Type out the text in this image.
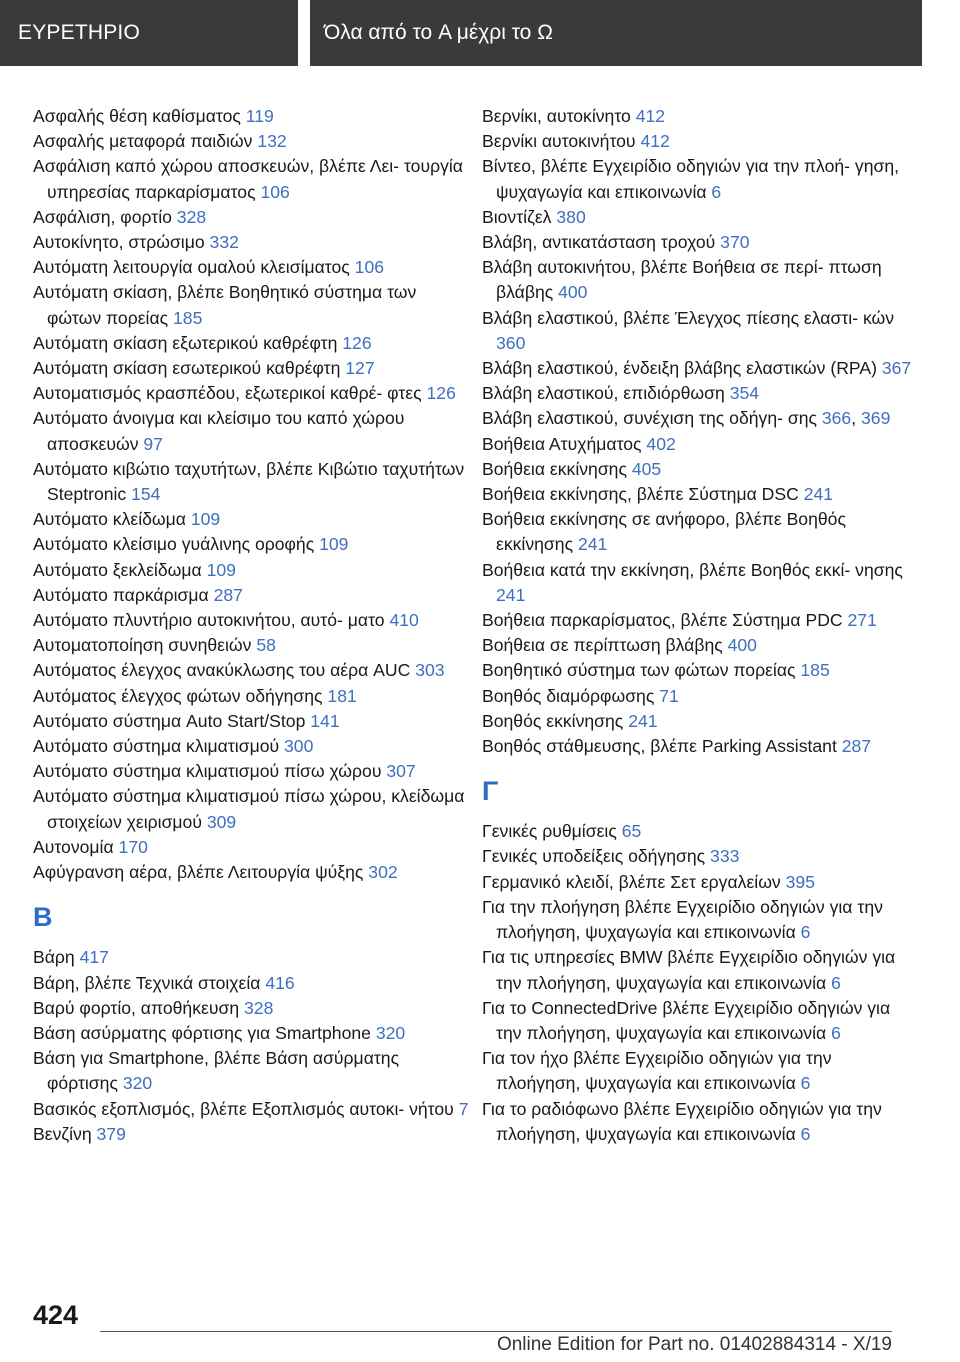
ΕΥΡΕΤΗΡΙΟ	Όλα από το A μέχρι το Ω
Ασφαλής θέση καθίσματος 119
Ασφαλής μεταφορά παιδιών 132
Ασφάλιση καπό χώρου αποσκευών, βλέπε Λει‐ τουργία υπηρεσίας παρκαρίσματος 106
Ασφάλιση, φορτίο 328
Αυτοκίνητο, στρώσιμο 332
Αυτόματη λειτουργία ομαλού κλεισίματος 106
Αυτόματη σκίαση, βλέπε Βοηθητικό σύστημα των φώτων πορείας 185
Αυτόματη σκίαση εξωτερικού καθρέφτη 126
Αυτόματη σκίαση εσωτερικού καθρέφτη 127
Αυτοματισμός κρασπέδου, εξωτερικοί καθρέ‐ φτες 126
Αυτόματο άνοιγμα και κλείσιμο του καπό χώρου αποσκευών 97
Αυτόματο κιβώτιο ταχυτήτων, βλέπε Κιβώτιο ταχυτήτων Steptronic 154
Αυτόματο κλείδωμα 109
Αυτόματο κλείσιμο γυάλινης οροφής 109
Αυτόματο ξεκλείδωμα 109
Αυτόματο παρκάρισμα 287
Αυτόματο πλυντήριο αυτοκινήτου, αυτό‐ ματο 410
Αυτοματοποίηση συνηθειών 58
Αυτόματος έλεγχος ανακύκλωσης του αέρα AUC 303
Αυτόματος έλεγχος φώτων οδήγησης 181
Αυτόματο σύστημα Auto Start/Stop 141
Αυτόματο σύστημα κλιματισμού 300
Αυτόματο σύστημα κλιματισμού πίσω χώρου 307
Αυτόματο σύστημα κλιματισμού πίσω χώρου, κλείδωμα στοιχείων χειρισμού 309
Αυτονομία 170
Αφύγρανση αέρα, βλέπε Λειτουργία ψύξης 302
Β
Βάρη 417
Βάρη, βλέπε Τεχνικά στοιχεία 416
Βαρύ φορτίο, αποθήκευση 328
Βάση ασύρματης φόρτισης για Smartphone 320
Βάση για Smartphone, βλέπε Βάση ασύρματης φόρτισης 320
Βασικός εξοπλισμός, βλέπε Εξοπλισμός αυτοκι‐ νήτου 7
Βενζίνη 379
Βερνίκι, αυτοκίνητο 412
Βερνίκι αυτοκινήτου 412
Βίντεο, βλέπε Εγχειρίδιο οδηγιών για την πλοή‐ γηση, ψυχαγωγία και επικοινωνία 6
Βιοντίζελ 380
Βλάβη, αντικατάσταση τροχού 370
Βλάβη αυτοκινήτου, βλέπε Βοήθεια σε περί‐ πτωση βλάβης 400
Βλάβη ελαστικού, βλέπε Έλεγχος πίεσης ελαστι‐ κών 360
Βλάβη ελαστικού, ένδειξη βλάβης ελαστικών (RPA) 367
Βλάβη ελαστικού, επιδιόρθωση 354
Βλάβη ελαστικού, συνέχιση της οδήγη‐ σης 366, 369
Βοήθεια Ατυχήματος 402
Βοήθεια εκκίνησης 405
Βοήθεια εκκίνησης, βλέπε Σύστημα DSC 241
Βοήθεια εκκίνησης σε ανήφορο, βλέπε Βοηθός εκκίνησης 241
Βοήθεια κατά την εκκίνηση, βλέπε Βοηθός εκκί‐ νησης 241
Βοήθεια παρκαρίσματος, βλέπε Σύστημα PDC 271
Βοήθεια σε περίπτωση βλάβης 400
Βοηθητικό σύστημα των φώτων πορείας 185
Βοηθός διαμόρφωσης 71
Βοηθός εκκίνησης 241
Βοηθός στάθμευσης, βλέπε Parking Assistant 287
Γ
Γενικές ρυθμίσεις 65
Γενικές υποδείξεις οδήγησης 333
Γερμανικό κλειδί, βλέπε Σετ εργαλείων 395
Για την πλοήγηση βλέπε Εγχειρίδιο οδηγιών για την πλοήγηση, ψυχαγωγία και επικοινωνία 6
Για τις υπηρεσίες BMW βλέπε Εγχειρίδιο οδηγιών για την πλοήγηση, ψυχαγωγία και επικοινωνία 6
Για το ConnectedDrive βλέπε Εγχειρίδιο οδηγιών για την πλοήγηση, ψυχαγωγία και επικοινωνία 6
Για τον ήχο βλέπε Εγχειρίδιο οδηγιών για την πλοήγηση, ψυχαγωγία και επικοινωνία 6
Για το ραδιόφωνο βλέπε Εγχειρίδιο οδηγιών για την πλοήγηση, ψυχαγωγία και επικοινωνία 6
424
Online Edition for Part no. 01402884314 - X/19
